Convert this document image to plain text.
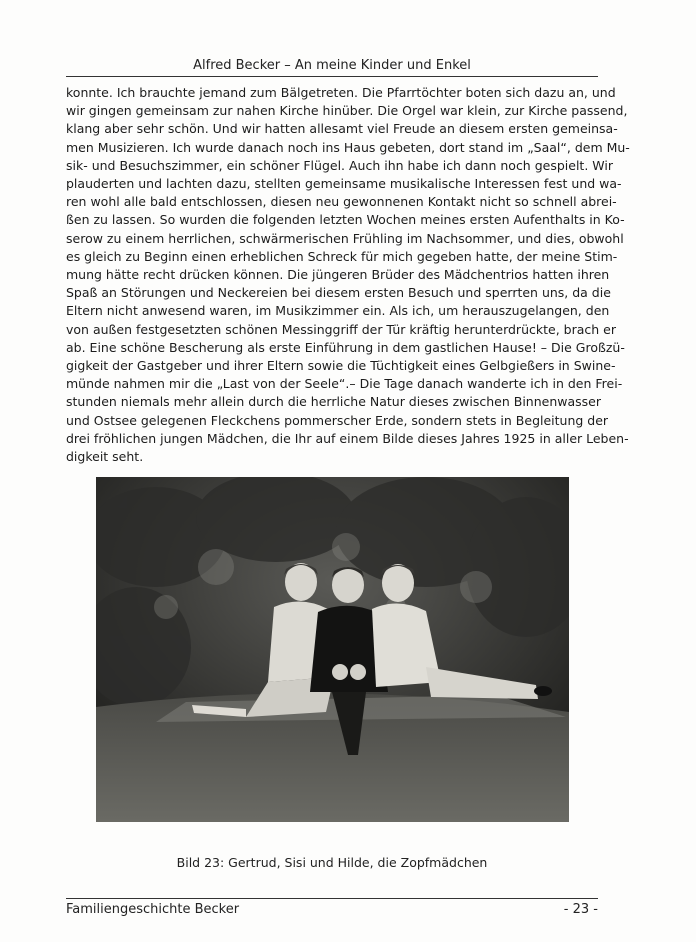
Alfred Becker – An meine Kinder und Enkel
konnte. Ich brauchte jemand zum Bälgetreten. Die Pfarrtöchter boten sich dazu an, und
wir gingen gemeinsam zur nahen Kirche hinüber. Die Orgel war klein, zur Kirche passend,
klang aber sehr schön. Und wir hatten allesamt viel Freude an diesem ersten gemeinsa-
men Musizieren. Ich wurde danach noch ins Haus gebeten, dort stand im „Saal“, dem Mu-
sik- und Besuchszimmer, ein schöner Flügel. Auch ihn habe ich dann noch gespielt. Wir
plauderten und lachten dazu, stellten gemeinsame musikalische Interessen fest und wa-
ren wohl alle bald entschlossen, diesen neu gewonnenen Kontakt nicht so schnell abrei-
ßen zu lassen. So wurden die folgenden letzten Wochen meines ersten Aufenthalts in Ko-
serow zu einem herrlichen, schwärmerischen Frühling im Nachsommer, und dies, obwohl
es gleich zu Beginn einen erheblichen Schreck für mich gegeben hatte, der meine Stim-
mung hätte recht drücken können. Die jüngeren Brüder des Mädchentrios hatten ihren
Spaß an Störungen und Neckereien bei diesem ersten Besuch und sperrten uns, da die
Eltern nicht anwesend waren, im Musikzimmer ein. Als ich, um herauszugelangen, den
von außen festgesetzten schönen Messinggriff der Tür kräftig herunterdrückte, brach er
ab. Eine schöne Bescherung als erste Einführung in dem gastlichen Hause! – Die Großzü-
gigkeit der Gastgeber und ihrer Eltern sowie die Tüchtigkeit eines Gelbgießers in Swine-
münde nahmen mir die „Last von der Seele“.– Die Tage danach wanderte ich in den Frei-
stunden niemals mehr allein durch die herrliche Natur dieses zwischen Binnenwasser
und Ostsee gelegenen Fleckchens pommerscher Erde, sondern stets in Begleitung der
drei fröhlichen jungen Mädchen, die Ihr auf einem Bilde dieses Jahres 1925 in aller Leben-
digkeit seht.
Bild 23: Gertrud, Sisi und Hilde, die Zopfmädchen
Familiengeschichte Becker	- 23 -
